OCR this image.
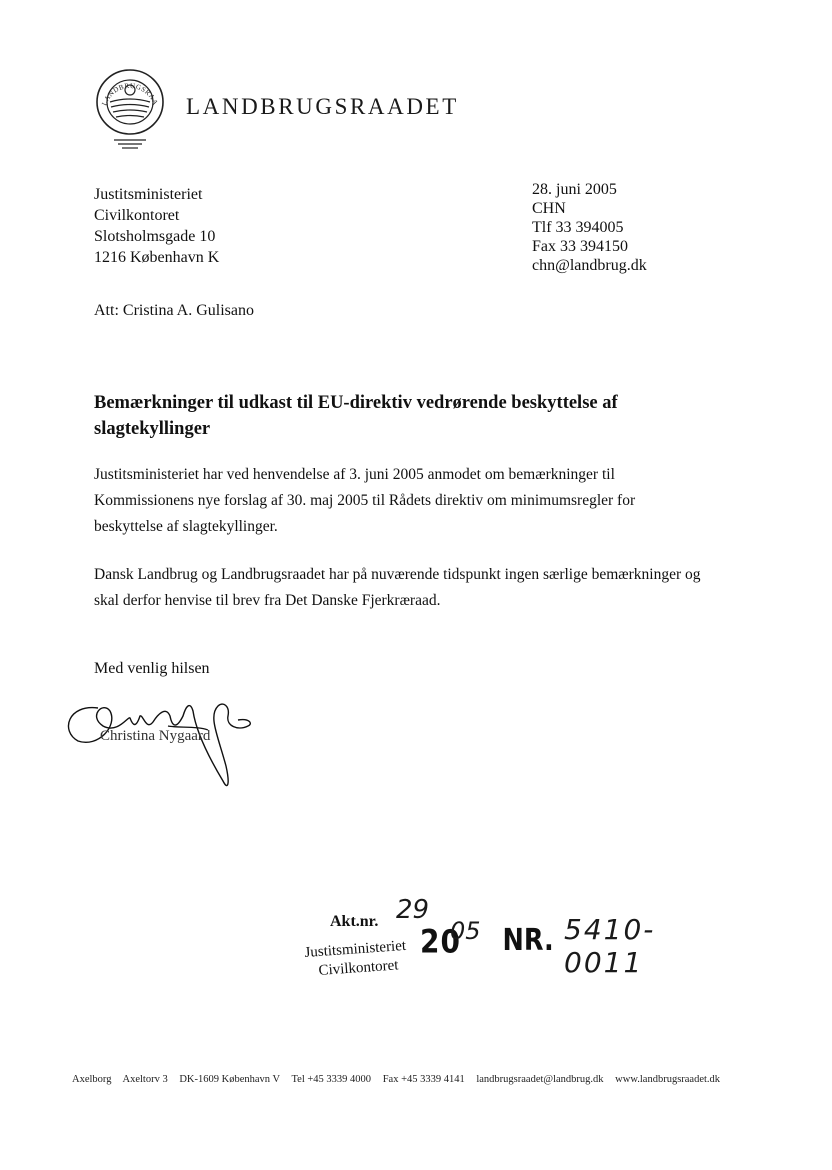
LANDBRUGSRAA LANDBRUGSRAADET
Justitsministeriet
Civilkontoret
Slotsholmsgade 10
1216 København K
28. juni 2005
CHN
Tlf 33 394005
Fax 33 394150
chn@landbrug.dk
Att: Cristina A. Gulisano
Bemærkninger til udkast til EU-direktiv vedrørende beskyttelse af slagtekyllinger
Justitsministeriet har ved henvendelse af 3. juni 2005 anmodet om bemærkninger til Kommissionens nye forslag af 30. maj 2005 til Rådets direktiv om minimumsregler for beskyttelse af slagtekyllinger.
Dansk Landbrug og Landbrugsraadet har på nuværende tidspunkt ingen særlige bemærkninger og skal derfor henvise til brev fra Det Danske Fjerkræraad.
Med venlig hilsen
Christina Nygaard
Akt.nr. 29
Justitsministeriet
Civilkontoret
20
05 NR. 5410-0011
Axelborg Axeltorv 3 DK-1609 København V Tel +45 3339 4000 Fax +45 3339 4141 landbrugsraadet@landbrug.dk www.landbrugsraadet.dk
